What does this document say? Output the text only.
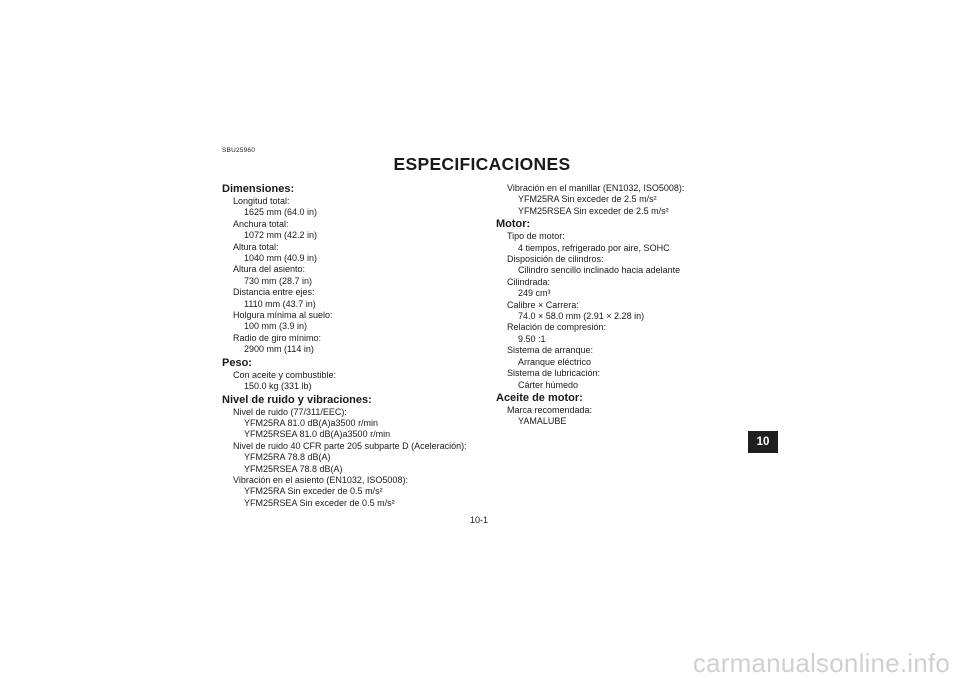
SBU25960
ESPECIFICACIONES
Dimensiones:
Longitud total:
1625 mm (64.0 in)
Anchura total:
1072 mm (42.2 in)
Altura total:
1040 mm (40.9 in)
Altura del asiento:
730 mm (28.7 in)
Distancia entre ejes:
1110 mm (43.7 in)
Holgura mínima al suelo:
100 mm (3.9 in)
Radio de giro mínimo:
2900 mm (114 in)
Peso:
Con aceite y combustible:
150.0 kg (331 lb)
Nivel de ruido y vibraciones:
Nivel de ruido (77/311/EEC):
YFM25RA 81.0 dB(A)a3500 r/min
YFM25RSEA 81.0 dB(A)a3500 r/min
Nivel de ruido 40 CFR parte 205 subparte D (Aceleración):
YFM25RA 78.8 dB(A)
YFM25RSEA 78.8 dB(A)
Vibración en el asiento (EN1032, ISO5008):
YFM25RA Sin exceder de 0.5 m/s²
YFM25RSEA Sin exceder de 0.5 m/s²
Vibración en el manillar (EN1032, ISO5008):
YFM25RA Sin exceder de 2.5 m/s²
YFM25RSEA Sin exceder de 2.5 m/s²
Motor:
Tipo de motor:
4 tiempos, refrigerado por aire, SOHC
Disposición de cilindros:
Cilindro sencillo inclinado hacia adelante
Cilindrada:
249 cm³
Calibre × Carrera:
74.0 × 58.0 mm (2.91 × 2.28 in)
Relación de compresión:
9.50 :1
Sistema de arranque:
Arranque eléctrico
Sistema de lubricación:
Cárter húmedo
Aceite de motor:
Marca recomendada:
YAMALUBE
10
10-1
carmanualsonline.info
